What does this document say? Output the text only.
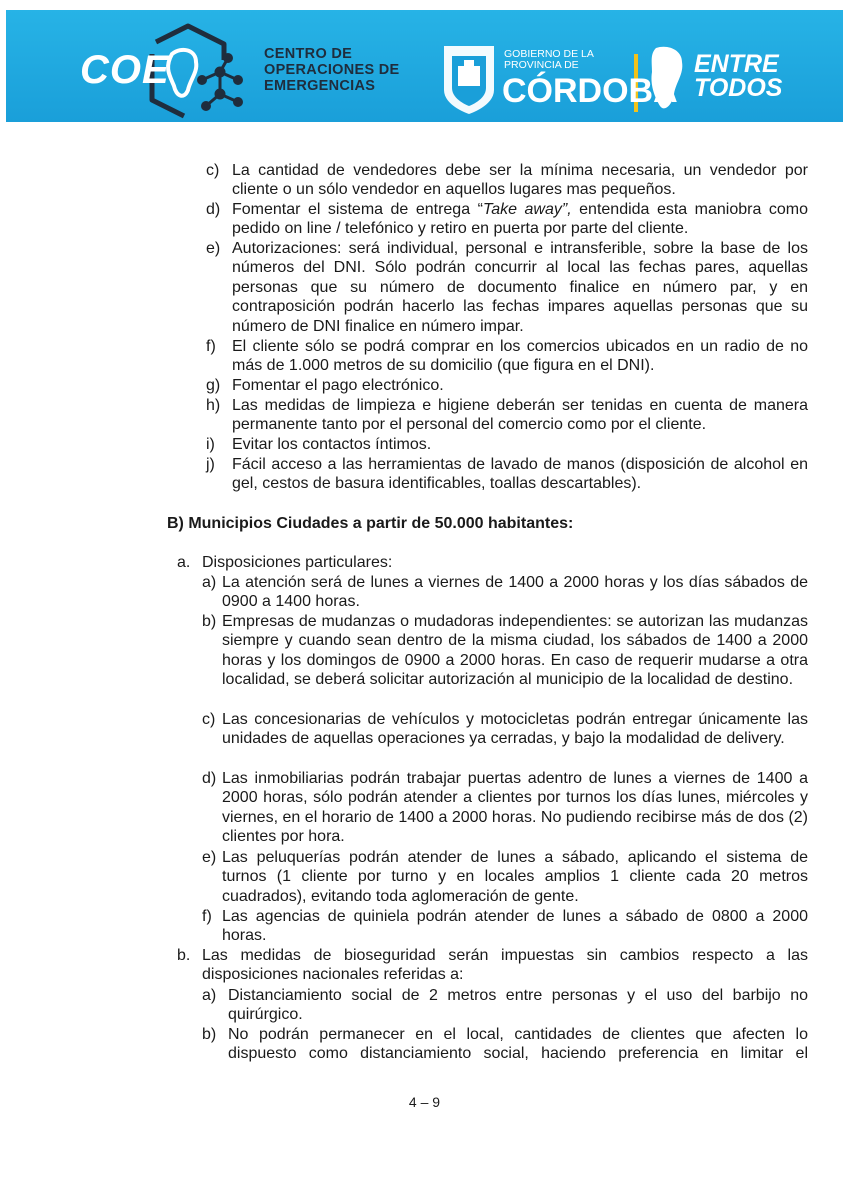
COE	CENTRO DE
OPERACIONES DE
EMERGENCIAS
GOBIERNO DE LA
PROVINCIA DE
CÓRDOBA
ENTRE
TODOS
c) La cantidad de vendedores debe ser la mínima necesaria, un vendedor por cliente o un sólo vendedor en aquellos lugares mas pequeños.

d) Fomentar el sistema de entrega “Take away”, entendida esta maniobra como pedido on line / telefónico y retiro en puerta por parte del cliente.

e) Autorizaciones: será individual, personal e intransferible, sobre la base de los números del DNI. Sólo podrán concurrir al local las fechas pares, aquellas personas que su número de documento finalice en número par, y en contraposición podrán hacerlo las fechas impares aquellas personas que su número de DNI finalice en número impar.

f) El cliente sólo se podrá comprar en los comercios ubicados en un radio de no más de 1.000 metros de su domicilio (que figura en el DNI).

g) Fomentar el pago electrónico.

h) Las medidas de limpieza e higiene deberán ser tenidas en cuenta de manera permanente tanto por el personal del comercio como por el cliente.

i) Evitar los contactos íntimos.

j) Fácil acceso a las herramientas de lavado de manos (disposición de alcohol en gel, cestos de basura identificables, toallas descartables).

B) Municipios Ciudades a partir de 50.000 habitantes:
a. Disposiciones particulares:

a) La atención será de lunes a viernes de 1400 a 2000 horas y los días sábados de 0900 a 1400 horas.

b) Empresas de mudanzas o mudadoras independientes: se autorizan las mudanzas siempre y cuando sean dentro de la misma ciudad, los sábados de 1400 a 2000 horas y los domingos de 0900 a 2000 horas. En caso de requerir mudarse a otra localidad, se deberá solicitar autorización al municipio de la localidad de destino.

c) Las concesionarias de vehículos y motocicletas podrán entregar únicamente las unidades de aquellas operaciones ya cerradas, y bajo la modalidad de delivery.

d) Las inmobiliarias podrán trabajar puertas adentro de lunes a viernes de 1400 a 2000 horas, sólo podrán atender a clientes por turnos los días lunes, miércoles y viernes, en el horario de 1400 a 2000 horas. No pudiendo recibirse más de dos (2) clientes por hora.

e) Las peluquerías podrán atender de lunes a sábado, aplicando el sistema de turnos (1 cliente por turno y en locales amplios 1 cliente cada 20 metros cuadrados), evitando toda aglomeración de gente.

f) Las agencias de quiniela podrán atender de lunes a sábado de 0800 a 2000 horas.

b. Las medidas de bioseguridad serán impuestas sin cambios respecto a las disposiciones nacionales referidas a:

a) Distanciamiento social de 2 metros entre personas y el uso del barbijo no quirúrgico.

b) No podrán permanecer en el local, cantidades de clientes que afecten lo dispuesto como distanciamiento social, haciendo preferencia en limitar el

4 – 9
